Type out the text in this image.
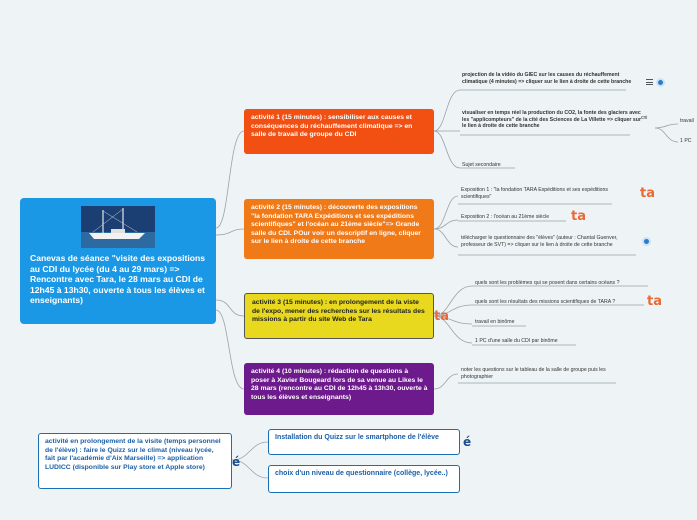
Canevas de séance "visite des expositions au CDI du lycée (du 4 au 29 mars) => Rencontre avec Tara, le 28 mars au CDI de 12h45 à 13h30, ouverte à tous les élèves et enseignants)
activité 1 (15 minutes) : sensibiliser aux causes et conséquences du réchauffement climatique => en salle de travail de groupe du CDI
activité 2 (15 minutes) : découverte des expositions "la fondation TARA Expéditions et ses expéditions scientifiques" et l'océan au 21ème siècle"=> Grande salle du CDI. POur voir un descriptif en ligne, cliquer sur le lien à droite de cette branche
activité 3 (15 minutes) : en prolongement de la viste de l'expo, mener des recherches sur les résultats des missions à partir du site Web de Tara
activité 4 (10 minutes) : rédaction de questions à poser à Xavier Bougeard lors de sa venue au Likes le 28 mars (rencontre au CDI de 12h45 à 13h30, ouverte à tous les élèves et enseignants)
projection de la vidéo du GIEC sur les causes du réchauffement climatique (4 minutes) => cliquer sur le lien à droite de cette branche
visualiser en temps réel la production du CO2, la fonte des glaciers avec les "applicompteurs" de la cité des Sciences de La Villette => cliquer sur le lien à droite de cette branche
Sujet secondaire
cni	travail
1 PC
Exposition 1 : "la fondation TARA Expéditions et ses expéditions scientifiques"
Exposition 2 : l'océan au 21ème siècle
télécharger le questionnaire des "élèves" (auteur : Chantal Guenver, professeur de SVT) => cliquer sur le lien à droite de cette branche
ta
ta
quels sont les problèmes qui se posent dans certains océans ?
quels sont les résultats des missions scientifiques de TARA ?
travail en binôme
1 PC d'une salle du CDI par binôme
ta
ta
noter les questions sur le tableau de la salle de groupe puis les photographier
activité en prolongement de la visite (temps personnel de l'élève) : faire le Quizz sur le climat (niveau lycée, fait par l'académie d'Aix Marseille) => application LUDICC (disponible sur Play store et Apple store)
Installation du Quizz sur le smartphone de l'élève
choix d'un niveau de questionnaire (collège, lycée..)
é
é
